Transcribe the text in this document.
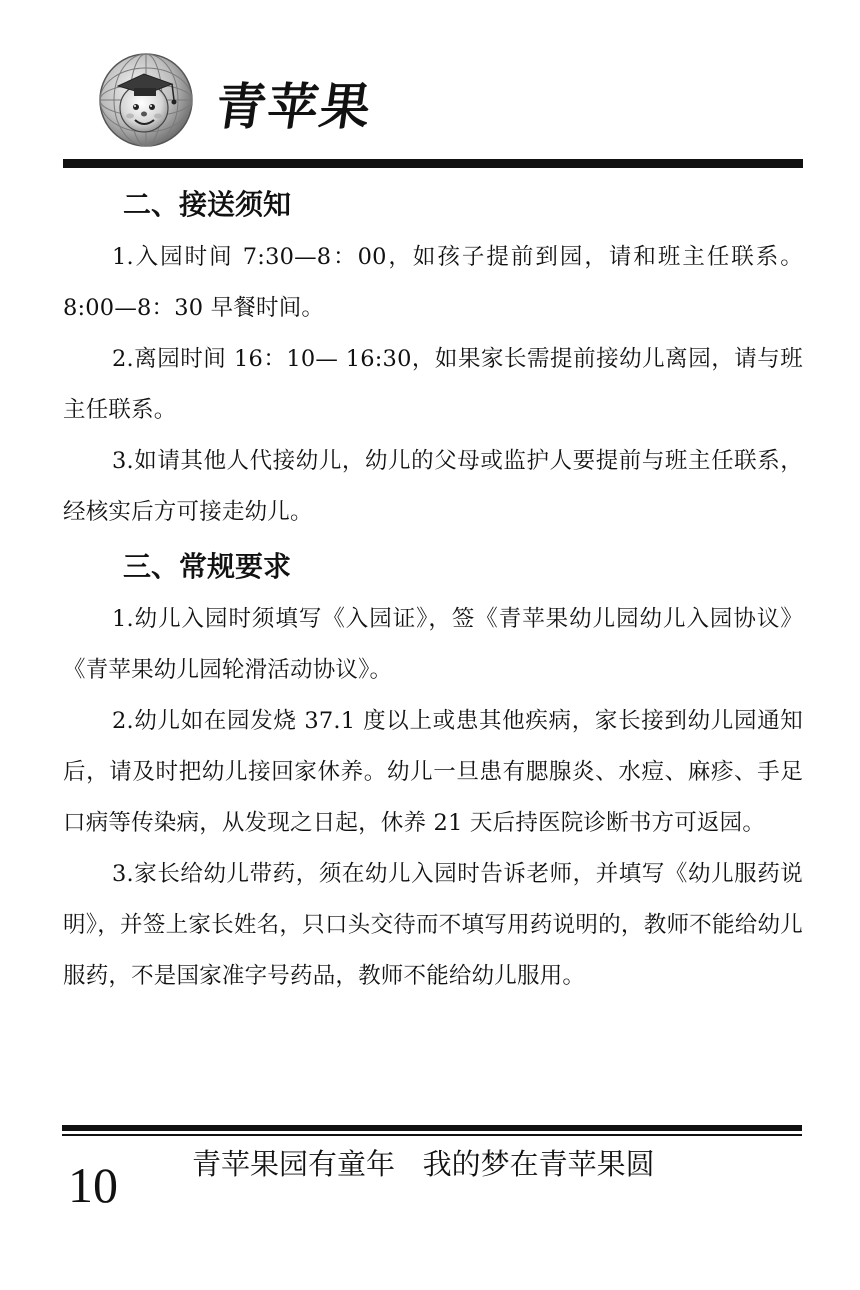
青苹果
二、接送须知

1.入园时间 7:30—8：00，如孩子提前到园，请和班主任联系。8:00—8：30 早餐时间。

2.离园时间 16：10— 16:30，如果家长需提前接幼儿离园，请与班主任联系。

3.如请其他人代接幼儿，幼儿的父母或监护人要提前与班主任联系，经核实后方可接走幼儿。

三、常规要求

1.幼儿入园时须填写《入园证》，签《青苹果幼儿园幼儿入园协议》《青苹果幼儿园轮滑活动协议》。

2.幼儿如在园发烧 37.1 度以上或患其他疾病，家长接到幼儿园通知后，请及时把幼儿接回家休养。幼儿一旦患有腮腺炎、水痘、麻疹、手足口病等传染病，从发现之日起，休养 21 天后持医院诊断书方可返园。

3.家长给幼儿带药，须在幼儿入园时告诉老师，并填写《幼儿服药说明》，并签上家长姓名，只口头交待而不填写用药说明的，教师不能给幼儿服药，不是国家准字号药品，教师不能给幼儿服用。

10	青苹果园有童年   我的梦在青苹果圆
